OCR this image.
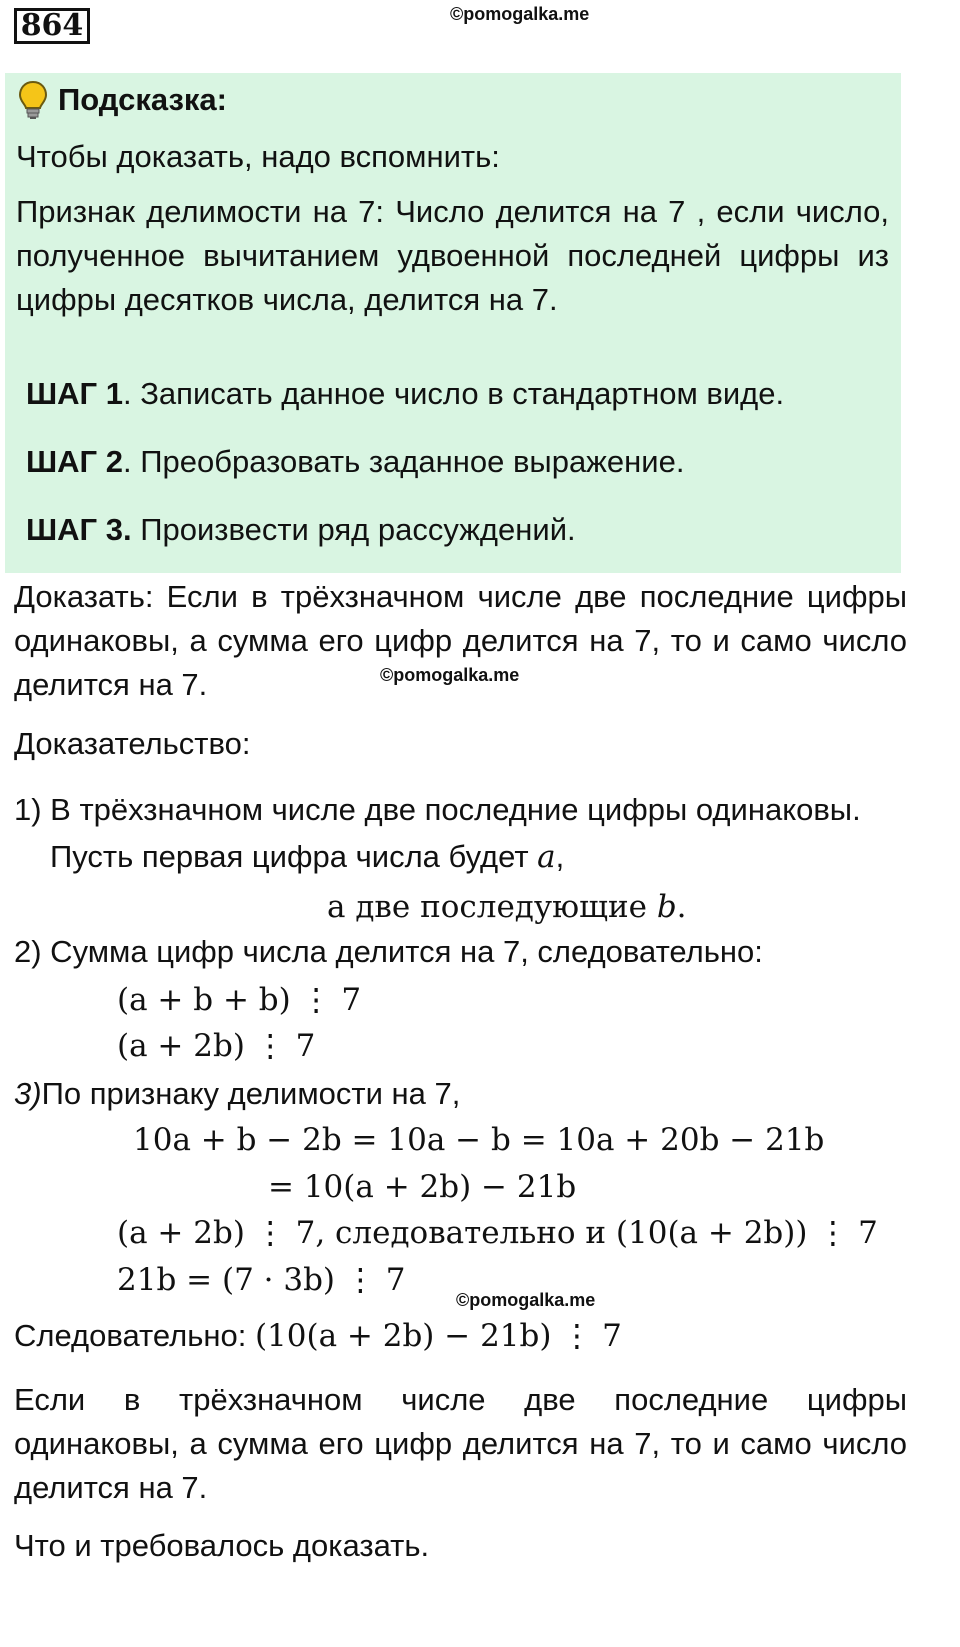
864	©pomogalka.me
Подсказка:
Чтобы доказать, надо вспомнить:
Признак делимости на 7: Число делится на 7 , если число,
полученное вычитанием удвоенной последней цифры из
цифры десятков числа, делится на 7.
ШАГ 1. Записать данное число в стандартном виде.
ШАГ 2. Преобразовать заданное выражение.
ШАГ 3. Произвести ряд рассуждений.
Доказать: Если в трёхзначном числе две последние цифры
одинаковы, а сумма его цифр делится на 7, то и само число
делится на 7.	©pomogalka.me
Доказательство:
1) В трёхзначном числе две последние цифры одинаковы.
Пусть первая цифра числа будет a,
а две последующие b.
2) Сумма цифр числа делится на 7, следовательно:
(a + b + b) ⋮ 7
(a + 2b) ⋮ 7
3)По признаку делимости на 7,
10a + b − 2b = 10a − b = 10a + 20b − 21b
= 10(a + 2b) − 21b
(a + 2b) ⋮ 7, следовательно и (10(a + 2b)) ⋮ 7
21b = (7 · 3b) ⋮ 7
©pomogalka.me
Следовательно: (10(a + 2b) − 21b) ⋮ 7
Если в трёхзначном числе две последние цифры
одинаковы, а сумма его цифр делится на 7, то и само число
делится на 7.
Что и требовалось доказать.
